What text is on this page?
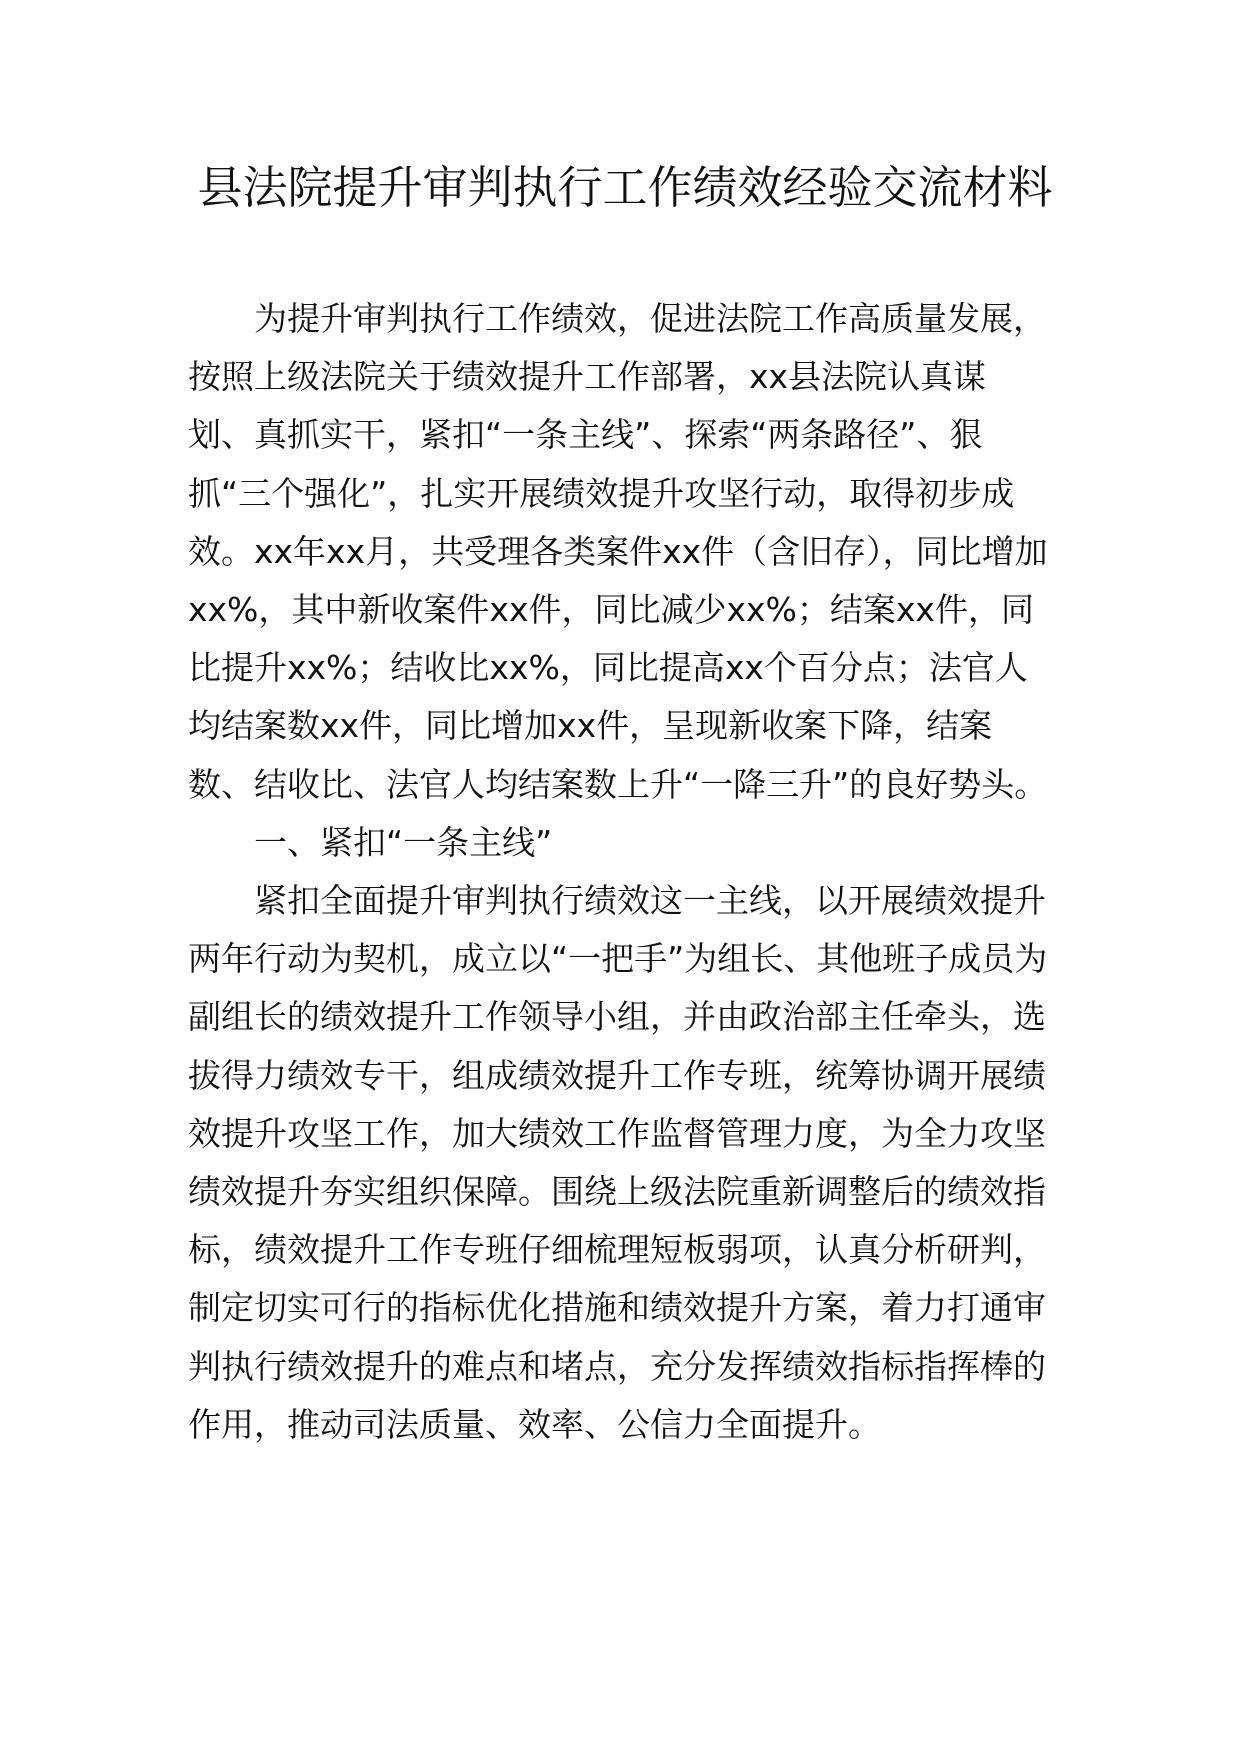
县法院提升审判执行工作绩效经验交流材料

为提升审判执行工作绩效，促进法院工作高质量发展，按照上级法院关于绩效提升工作部署，xx县法院认真谋划、真抓实干，紧扣“一条主线”、探索“两条路径”、狠抓“三个强化”，扎实开展绩效提升攻坚行动，取得初步成效。xx年xx月，共受理各类案件xx件（含旧存），同比增加xx%，其中新收案件xx件，同比减少xx%；结案xx件，同比提升xx%；结收比xx%，同比提高xx个百分点；法官人均结案数xx件，同比增加xx件，呈现新收案下降，结案数、结收比、法官人均结案数上升“一降三升”的良好势头。

一、紧扣“一条主线”

紧扣全面提升审判执行绩效这一主线，以开展绩效提升两年行动为契机，成立以“一把手”为组长、其他班子成员为副组长的绩效提升工作领导小组，并由政治部主任牵头，选拔得力绩效专干，组成绩效提升工作专班，统筹协调开展绩效提升攻坚工作，加大绩效工作监督管理力度，为全力攻坚绩效提升夯实组织保障。围绕上级法院重新调整后的绩效指标，绩效提升工作专班仔细梳理短板弱项，认真分析研判，制定切实可行的指标优化措施和绩效提升方案，着力打通审判执行绩效提升的难点和堵点，充分发挥绩效指标指挥棒的作用，推动司法质量、效率、公信力全面提升。
